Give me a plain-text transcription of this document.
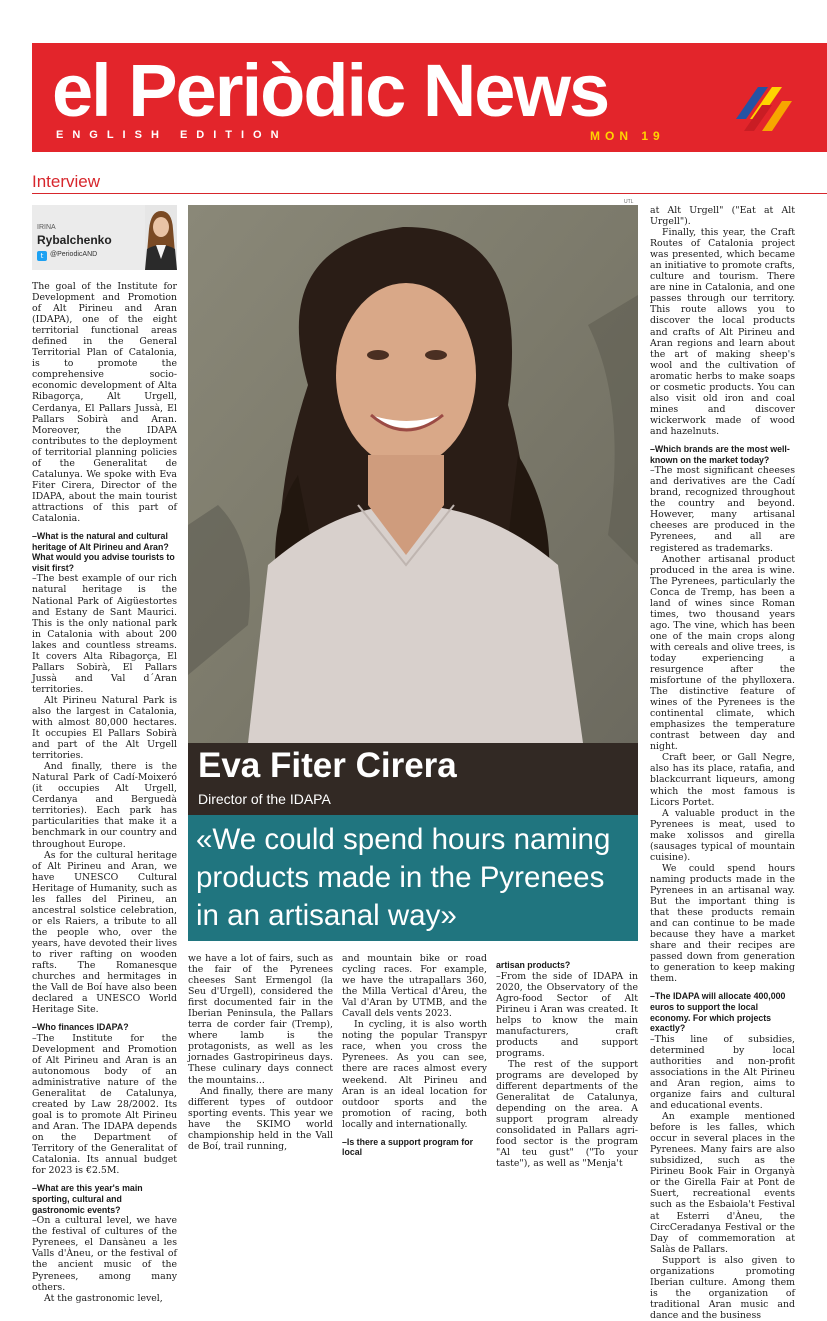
el Periòdic News
ENGLISH EDITION	MON 19
Interview
UTL
IRINA
Rybalchenko
t @PeriodicAND

The goal of the Institute for Development and Promotion of Alt Pirineu and Aran (IDAPA), one of the eight territorial functional areas defined in the General Territorial Plan of Catalonia, is to promote the comprehensive socio-economic development of Alta Ribagorça, Alt Urgell, Cerdanya, El Pallars Jussà, El Pallars Sobirà and Aran. Moreover, the IDAPA contributes to the deployment of territorial planning policies of the Generalitat de Catalunya. We spoke with Eva Fiter Cirera, Director of the IDAPA, about the main tourist attractions of this part of Catalonia.

–What is the natural and cultural heritage of Alt Pirineu and Aran? What would you advise tourists to visit first?

–The best example of our rich natural heritage is the National Park of Aigüestortes and Estany de Sant Maurici. This is the only national park in Catalonia with about 200 lakes and countless streams. It covers Alta Ribagorça, El Pallars Sobirà, El Pallars Jussà and Val d´Aran territories.

Alt Pirineu Natural Park is also the largest in Catalonia, with almost 80,000 hectares. It occupies El Pallars Sobirà and part of the Alt Urgell territories.

And finally, there is the Natural Park of Cadí-Moixeró (it occupies Alt Urgell, Cerdanya and Berguedà territories). Each park has particularities that make it a benchmark in our country and throughout Europe.

As for the cultural heritage of Alt Pirineu and Aran, we have UNESCO Cultural Heritage of Humanity, such as les falles del Pirineu, an ancestral solstice celebration, or els Raiers, a tribute to all the people who, over the years, have devoted their lives to river rafting on wooden rafts. The Romanesque churches and hermitages in the Vall de Boí have also been declared a UNESCO World Heritage Site.

–Who finances IDAPA?

–The Institute for the Development and Promotion of Alt Pirineu and Aran is an autonomous body of an administrative nature of the Generalitat de Catalunya, created by Law 28/2002. Its goal is to promote Alt Pirineu and Aran. The IDAPA depends on the Department of Territory of the Generalitat of Catalonia. Its annual budget for 2023 is €2.5M.

–What are this year's main sporting, cultural and gastronomic events?

–On a cultural level, we have the festival of cultures of the Pyrenees, el Dansàneu a les Valls d'Àneu, or the festival of the ancient music of the Pyrenees, among many others.

At the gastronomic level,

Eva Fiter Cirera
Director of the IDAPA
«We could spend hours naming products made in the Pyrenees in an artisanal way»

we have a lot of fairs, such as the fair of the Pyrenees cheeses Sant Ermengol (la Seu d'Urgell), considered the first documented fair in the Iberian Peninsula, the Pallars terra de corder fair (Tremp), where lamb is the protagonists, as well as les jornades Gastropirineus days. These culinary days connect the mountains...

And finally, there are many different types of outdoor sporting events. This year we have the SKIMO world championship held in the Vall de Boí, trail running,

and mountain bike or road cycling races. For example, we have the utrapallars 360, the Milla Vertical d'Àreu, the Val d'Aran by UTMB, and the Cavall dels vents 2023.

In cycling, it is also worth noting the popular Transpyr race, when you cross the Pyrenees. As you can see, there are races almost every weekend. Alt Pirineu and Aran is an ideal location for outdoor sports and the promotion of racing, both locally and internationally.

–Is there a support program for local

artisan products?

–From the side of IDAPA in 2020, the Observatory of the Agro-food Sector of Alt Pirineu i Aran was created. It helps to know the main manufacturers, craft products and support programs.

The rest of the support programs are developed by different departments of the Generalitat de Catalunya, depending on the area. A support program already consolidated in Pallars agri-food sector is the program "Al teu gust" ("To your taste"), as well as "Menja't

at Alt Urgell" ("Eat at Alt Urgell").

Finally, this year, the Craft Routes of Catalonia project was presented, which became an initiative to promote crafts, culture and tourism. There are nine in Catalonia, and one passes through our territory. This route allows you to discover the local products and crafts of Alt Pirineu and Aran regions and learn about the art of making sheep's wool and the cultivation of aromatic herbs to make soaps or cosmetic products. You can also visit old iron and coal mines and discover wickerwork made of wood and hazelnuts.

–Which brands are the most well-known on the market today?

–The most significant cheeses and derivatives are the Cadí brand, recognized throughout the country and beyond. However, many artisanal cheeses are produced in the Pyrenees, and all are registered as trademarks.

Another artisanal product produced in the area is wine. The Pyrenees, particularly the Conca de Tremp, has been a land of wines since Roman times, two thousand years ago. The vine, which has been one of the main crops along with cereals and olive trees, is today experiencing a resurgence after the misfortune of the phylloxera. The distinctive feature of wines of the Pyrenees is the continental climate, which emphasizes the temperature contrast between day and night.

Craft beer, or Gall Negre, also has its place, ratafia, and blackcurrant liqueurs, among which the most famous is Licors Portet.

A valuable product in the Pyrenees is meat, used to make xolissos and girella (sausages typical of mountain cuisine).

We could spend hours naming products made in the Pyrenees in an artisanal way. But the important thing is that these products remain and can continue to be made because they have a market share and their recipes are passed down from generation to generation to keep making them.

–The IDAPA will allocate 400,000 euros to support the local economy. For which projects exactly?

–This line of subsidies, determined by local authorities and non-profit associations in the Alt Pirineu and Aran region, aims to organize fairs and cultural and educational events.

An example mentioned before is les falles, which occur in several places in the Pyrenees. Many fairs are also subsidized, such as the Pirineu Book Fair in Organyà or the Girella Fair at Pont de Suert, recreational events such as the Esbaiola't Festival at Esterri d'Àneu, the CircCeradanya Festival or the Day of commemoration at Salàs de Pallars.

Support is also given to organizations promoting Iberian culture. Among them is the organization of traditional Aran music and dance and the business
